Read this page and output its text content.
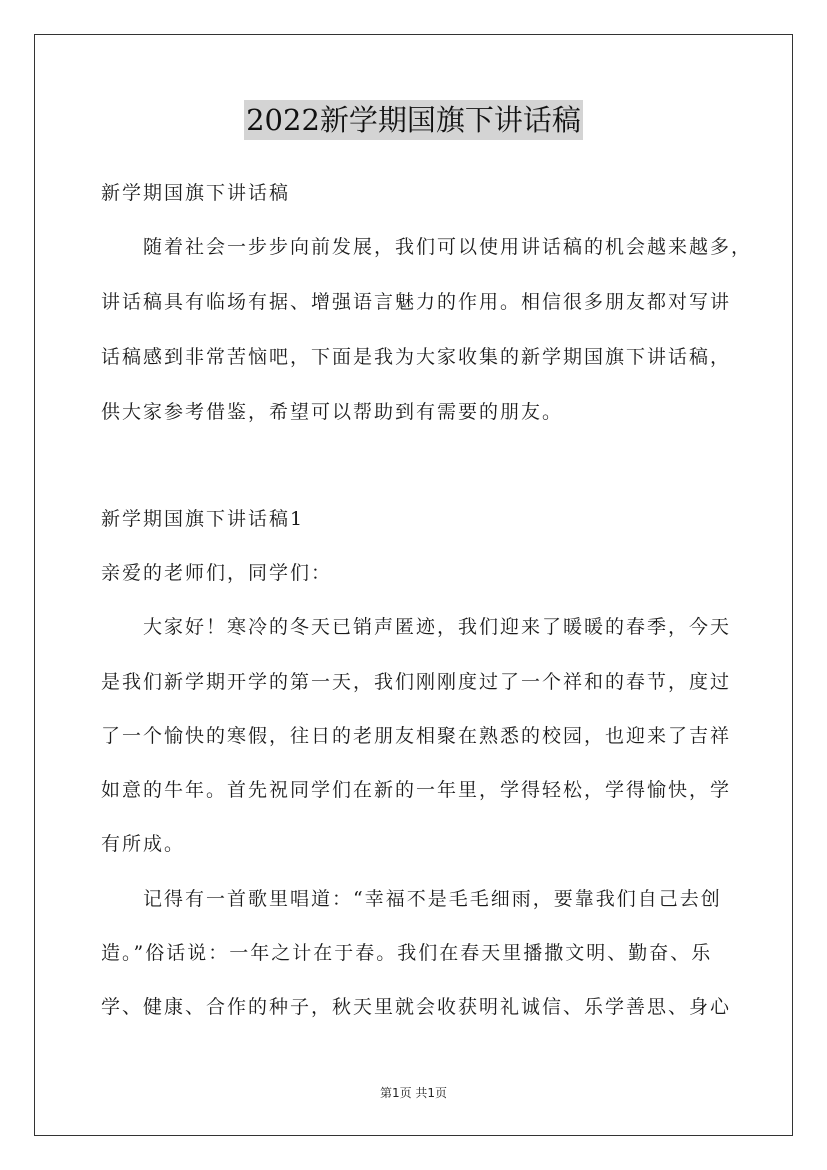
2022新学期国旗下讲话稿
新学期国旗下讲话稿
随着社会一步步向前发展，我们可以使用讲话稿的机会越来越多，
讲话稿具有临场有据、增强语言魅力的作用。相信很多朋友都对写讲
话稿感到非常苦恼吧，下面是我为大家收集的新学期国旗下讲话稿，
供大家参考借鉴，希望可以帮助到有需要的朋友。
新学期国旗下讲话稿1
亲爱的老师们，同学们：
大家好！寒冷的冬天已销声匿迹，我们迎来了暖暖的春季，今天
是我们新学期开学的第一天，我们刚刚度过了一个祥和的春节，度过
了一个愉快的寒假，往日的老朋友相聚在熟悉的校园，也迎来了吉祥
如意的牛年。首先祝同学们在新的一年里，学得轻松，学得愉快，学
有所成。
记得有一首歌里唱道：“幸福不是毛毛细雨，要靠我们自己去创
造。”俗话说：一年之计在于春。我们在春天里播撒文明、勤奋、乐
学、健康、合作的种子，秋天里就会收获明礼诚信、乐学善思、身心
第1页 共1页
